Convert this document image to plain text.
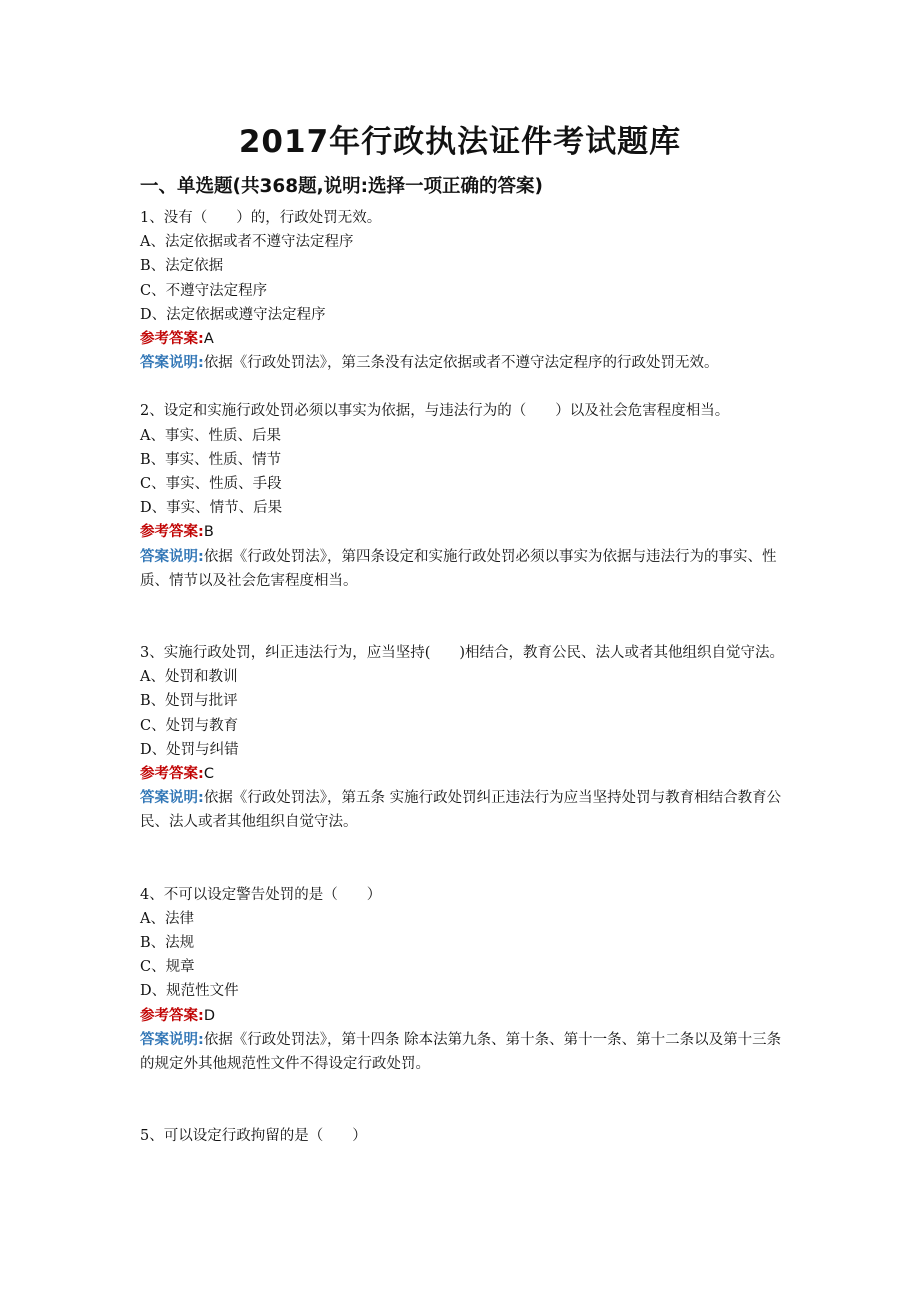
2017年行政执法证件考试题库
一、单选题(共368题,说明:选择一项正确的答案)

1、没有（　　）的，行政处罚无效。

A、法定依据或者不遵守法定程序

B、法定依据

C、不遵守法定程序

D、法定依据或遵守法定程序

参考答案:A

答案说明:依据《行政处罚法》，第三条没有法定依据或者不遵守法定程序的行政处罚无效。

2、设定和实施行政处罚必须以事实为依据，与违法行为的（　　）以及社会危害程度相当。

A、事实、性质、后果

B、事实、性质、情节

C、事实、性质、手段

D、事实、情节、后果

参考答案:B

答案说明:依据《行政处罚法》，第四条设定和实施行政处罚必须以事实为依据与违法行为的事实、性质、情节以及社会危害程度相当。

3、实施行政处罚，纠正违法行为，应当坚持(　　)相结合，教育公民、法人或者其他组织自觉守法。

A、处罚和教训

B、处罚与批评

C、处罚与教育

D、处罚与纠错

参考答案:C

答案说明:依据《行政处罚法》，第五条 实施行政处罚纠正违法行为应当坚持处罚与教育相结合教育公民、法人或者其他组织自觉守法。

4、不可以设定警告处罚的是（　　）

A、法律

B、法规

C、规章

D、规范性文件

参考答案:D

答案说明:依据《行政处罚法》，第十四条 除本法第九条、第十条、第十一条、第十二条以及第十三条的规定外其他规范性文件不得设定行政处罚。

5、可以设定行政拘留的是（　　）
